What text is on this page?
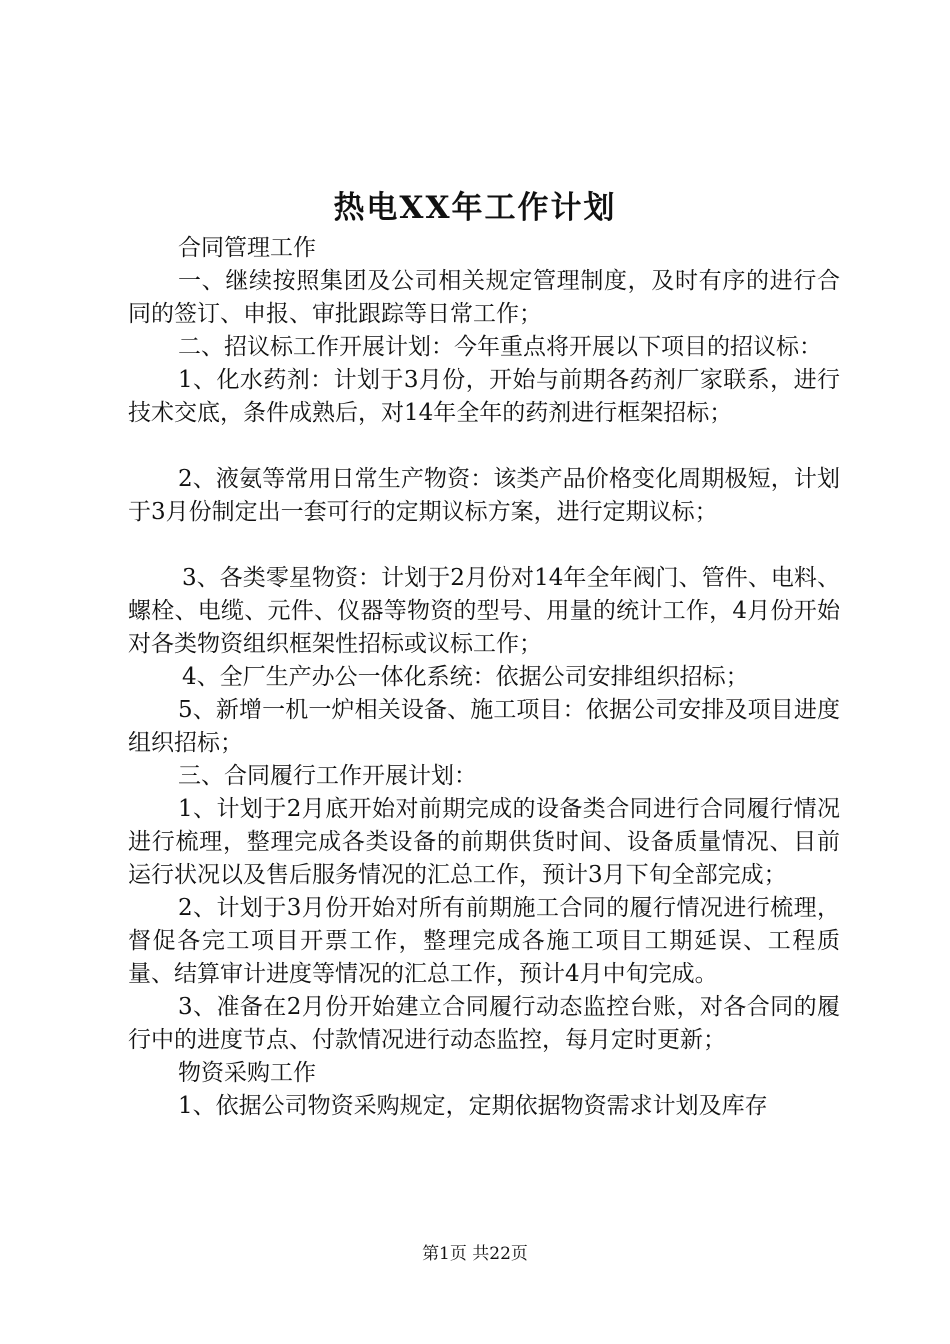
热电XX年工作计划

合同管理工作

一、继续按照集团及公司相关规定管理制度，及时有序的进行合同的签订、申报、审批跟踪等日常工作；

二、招议标工作开展计划：今年重点将开展以下项目的招议标：

1、化水药剂：计划于3月份，开始与前期各药剂厂家联系，进行技术交底，条件成熟后，对14年全年的药剂进行框架招标；

2、液氨等常用日常生产物资：该类产品价格变化周期极短，计划于3月份制定出一套可行的定期议标方案，进行定期议标；

3、各类零星物资：计划于2月份对14年全年阀门、管件、电料、螺栓、电缆、元件、仪器等物资的型号、用量的统计工作，4月份开始对各类物资组织框架性招标或议标工作；

4、全厂生产办公一体化系统：依据公司安排组织招标；

5、新增一机一炉相关设备、施工项目：依据公司安排及项目进度组织招标；

三、合同履行工作开展计划：

1、计划于2月底开始对前期完成的设备类合同进行合同履行情况进行梳理，整理完成各类设备的前期供货时间、设备质量情况、目前运行状况以及售后服务情况的汇总工作，预计3月下旬全部完成；

2、计划于3月份开始对所有前期施工合同的履行情况进行梳理，督促各完工项目开票工作，整理完成各施工项目工期延误、工程质量、结算审计进度等情况的汇总工作，预计4月中旬完成。

3、准备在2月份开始建立合同履行动态监控台账，对各合同的履行中的进度节点、付款情况进行动态监控，每月定时更新；

物资采购工作

1、依据公司物资采购规定，定期依据物资需求计划及库存

第1页 共22页
